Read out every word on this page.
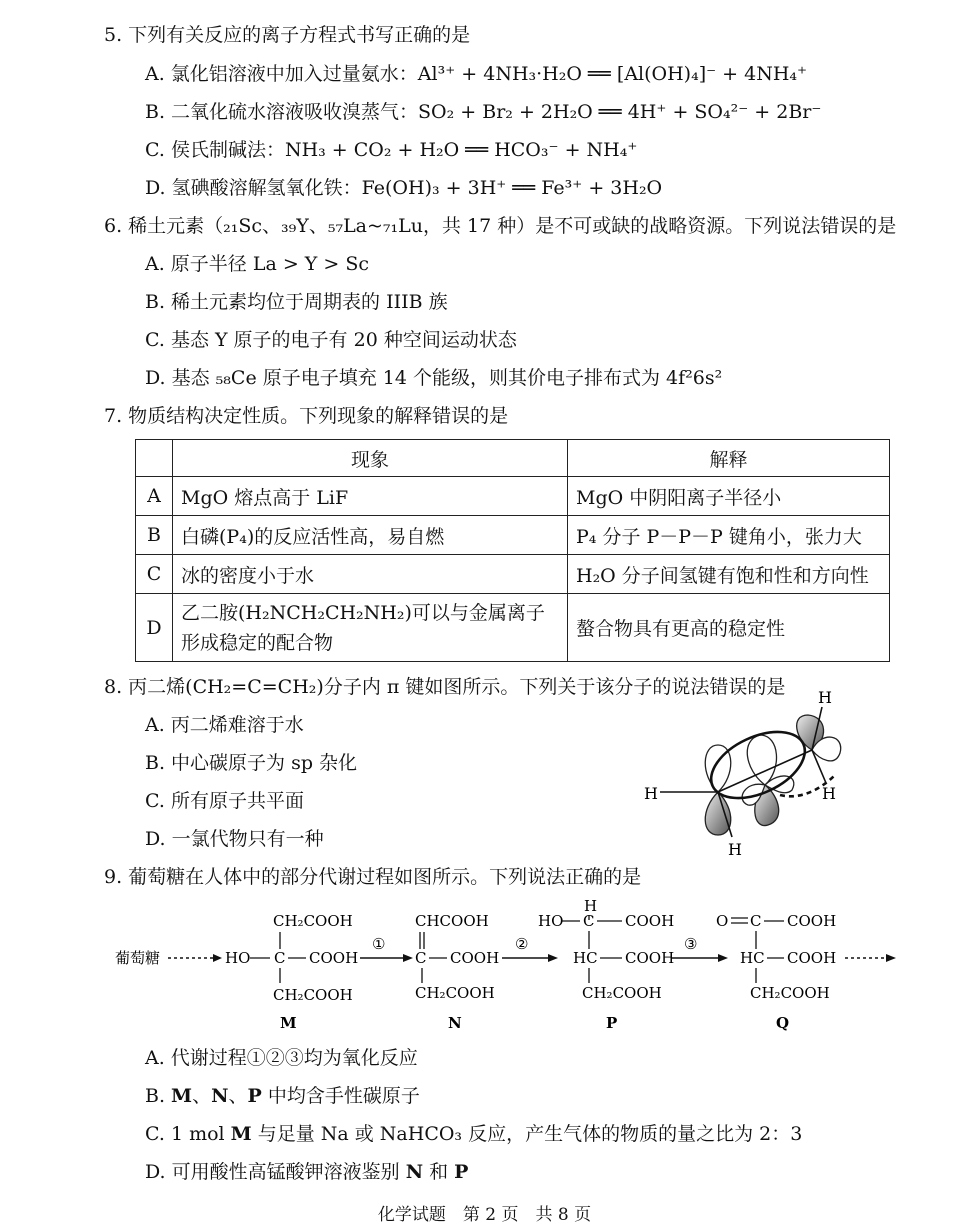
5. 下列有关反应的离子方程式书写正确的是
A. 氯化铝溶液中加入过量氨水：Al³⁺ + 4NH₃·H₂O ══ [Al(OH)₄]⁻ + 4NH₄⁺
B. 二氧化硫水溶液吸收溴蒸气：SO₂ + Br₂ + 2H₂O ══ 4H⁺ + SO₄²⁻ + 2Br⁻
C. 侯氏制碱法：NH₃ + CO₂ + H₂O ══ HCO₃⁻ + NH₄⁺
D. 氢碘酸溶解氢氧化铁：Fe(OH)₃ + 3H⁺ ══ Fe³⁺ + 3H₂O
6. 稀土元素（₂₁Sc、₃₉Y、₅₇La~₇₁Lu，共 17 种）是不可或缺的战略资源。下列说法错误的是
A. 原子半径 La > Y > Sc
B. 稀土元素均位于周期表的 IIIB 族
C. 基态 Y 原子的电子有 20 种空间运动状态
D. 基态 ₅₈Ce 原子电子填充 14 个能级，则其价电子排布式为 4f²6s²
7. 物质结构决定性质。下列现象的解释错误的是
	现象	解释
A	MgO 熔点高于 LiF	MgO 中阴阳离子半径小
B	白磷(P₄)的反应活性高，易自燃	P₄ 分子 P－P－P 键角小，张力大
C	冰的密度小于水	H₂O 分子间氢键有饱和性和方向性
D	乙二胺(H₂NCH₂CH₂NH₂)可以与金属离子形成稳定的配合物	螯合物具有更高的稳定性
8. 丙二烯(CH₂=C=CH₂)分子内 π 键如图所示。下列关于该分子的说法错误的是
A. 丙二烯难溶于水
B. 中心碳原子为 sp 杂化
C. 所有原子共平面
D. 一氯代物只有一种
H
H
H
H
9. 葡萄糖在人体中的部分代谢过程如图所示。下列说法正确的是
葡萄糖
CH₂COOH
HO C COOH
CH₂COOH
M
①
CHCOOH
C COOH
CH₂COOH
N
②
H
HO C COOH
HC COOH
CH₂COOH
P
③
O C COOH
HC COOH
CH₂COOH
Q
A. 代谢过程①②③均为氧化反应
B. M、N、P 中均含手性碳原子
C. 1 mol M 与足量 Na 或 NaHCO₃ 反应，产生气体的物质的量之比为 2：3
D. 可用酸性高锰酸钾溶液鉴别 N 和 P
化学试题　第 2 页　共 8 页
